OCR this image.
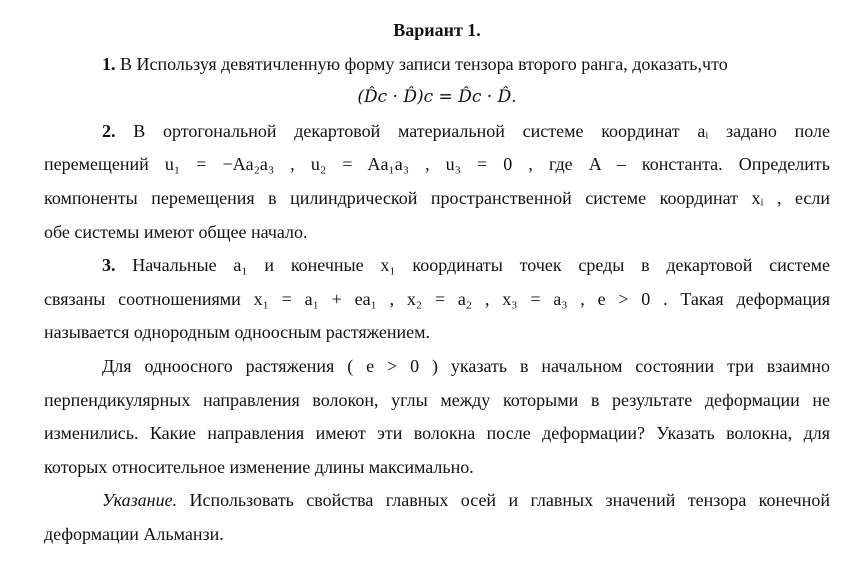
Вариант 1.
1. В Используя девятичленную форму записи тензора второго ранга, доказать,что
(D̂c · D̂)c = D̂c · D̂.
2. В ортогональной декартовой материальной системе координат aᵢ задано поле
перемещений u₁ = −Aa₂a₃ , u₂ = Aa₁a₃ , u₃ = 0 , где A – константа. Определить
компоненты перемещения в цилиндрической пространственной системе координат xᵢ , если
обе системы имеют общее начало.
3. Начальные a₁ и конечные x₁ координаты точек среды в декартовой системе
связаны соотношениями x₁ = a₁ + ea₁ , x₂ = a₂ , x₃ = a₃ , e > 0 . Такая деформация
называется однородным одноосным растяжением.
Для одноосного растяжения ( e > 0 ) указать в начальном состоянии три взаимно
перпендикулярных направления волокон, углы между которыми в результате деформации не
изменились. Какие направления имеют эти волокна после деформации? Указать волокна, для
которых относительное изменение длины максимально.
Указание. Использовать свойства главных осей и главных значений тензора конечной
деформации Альманзи.
